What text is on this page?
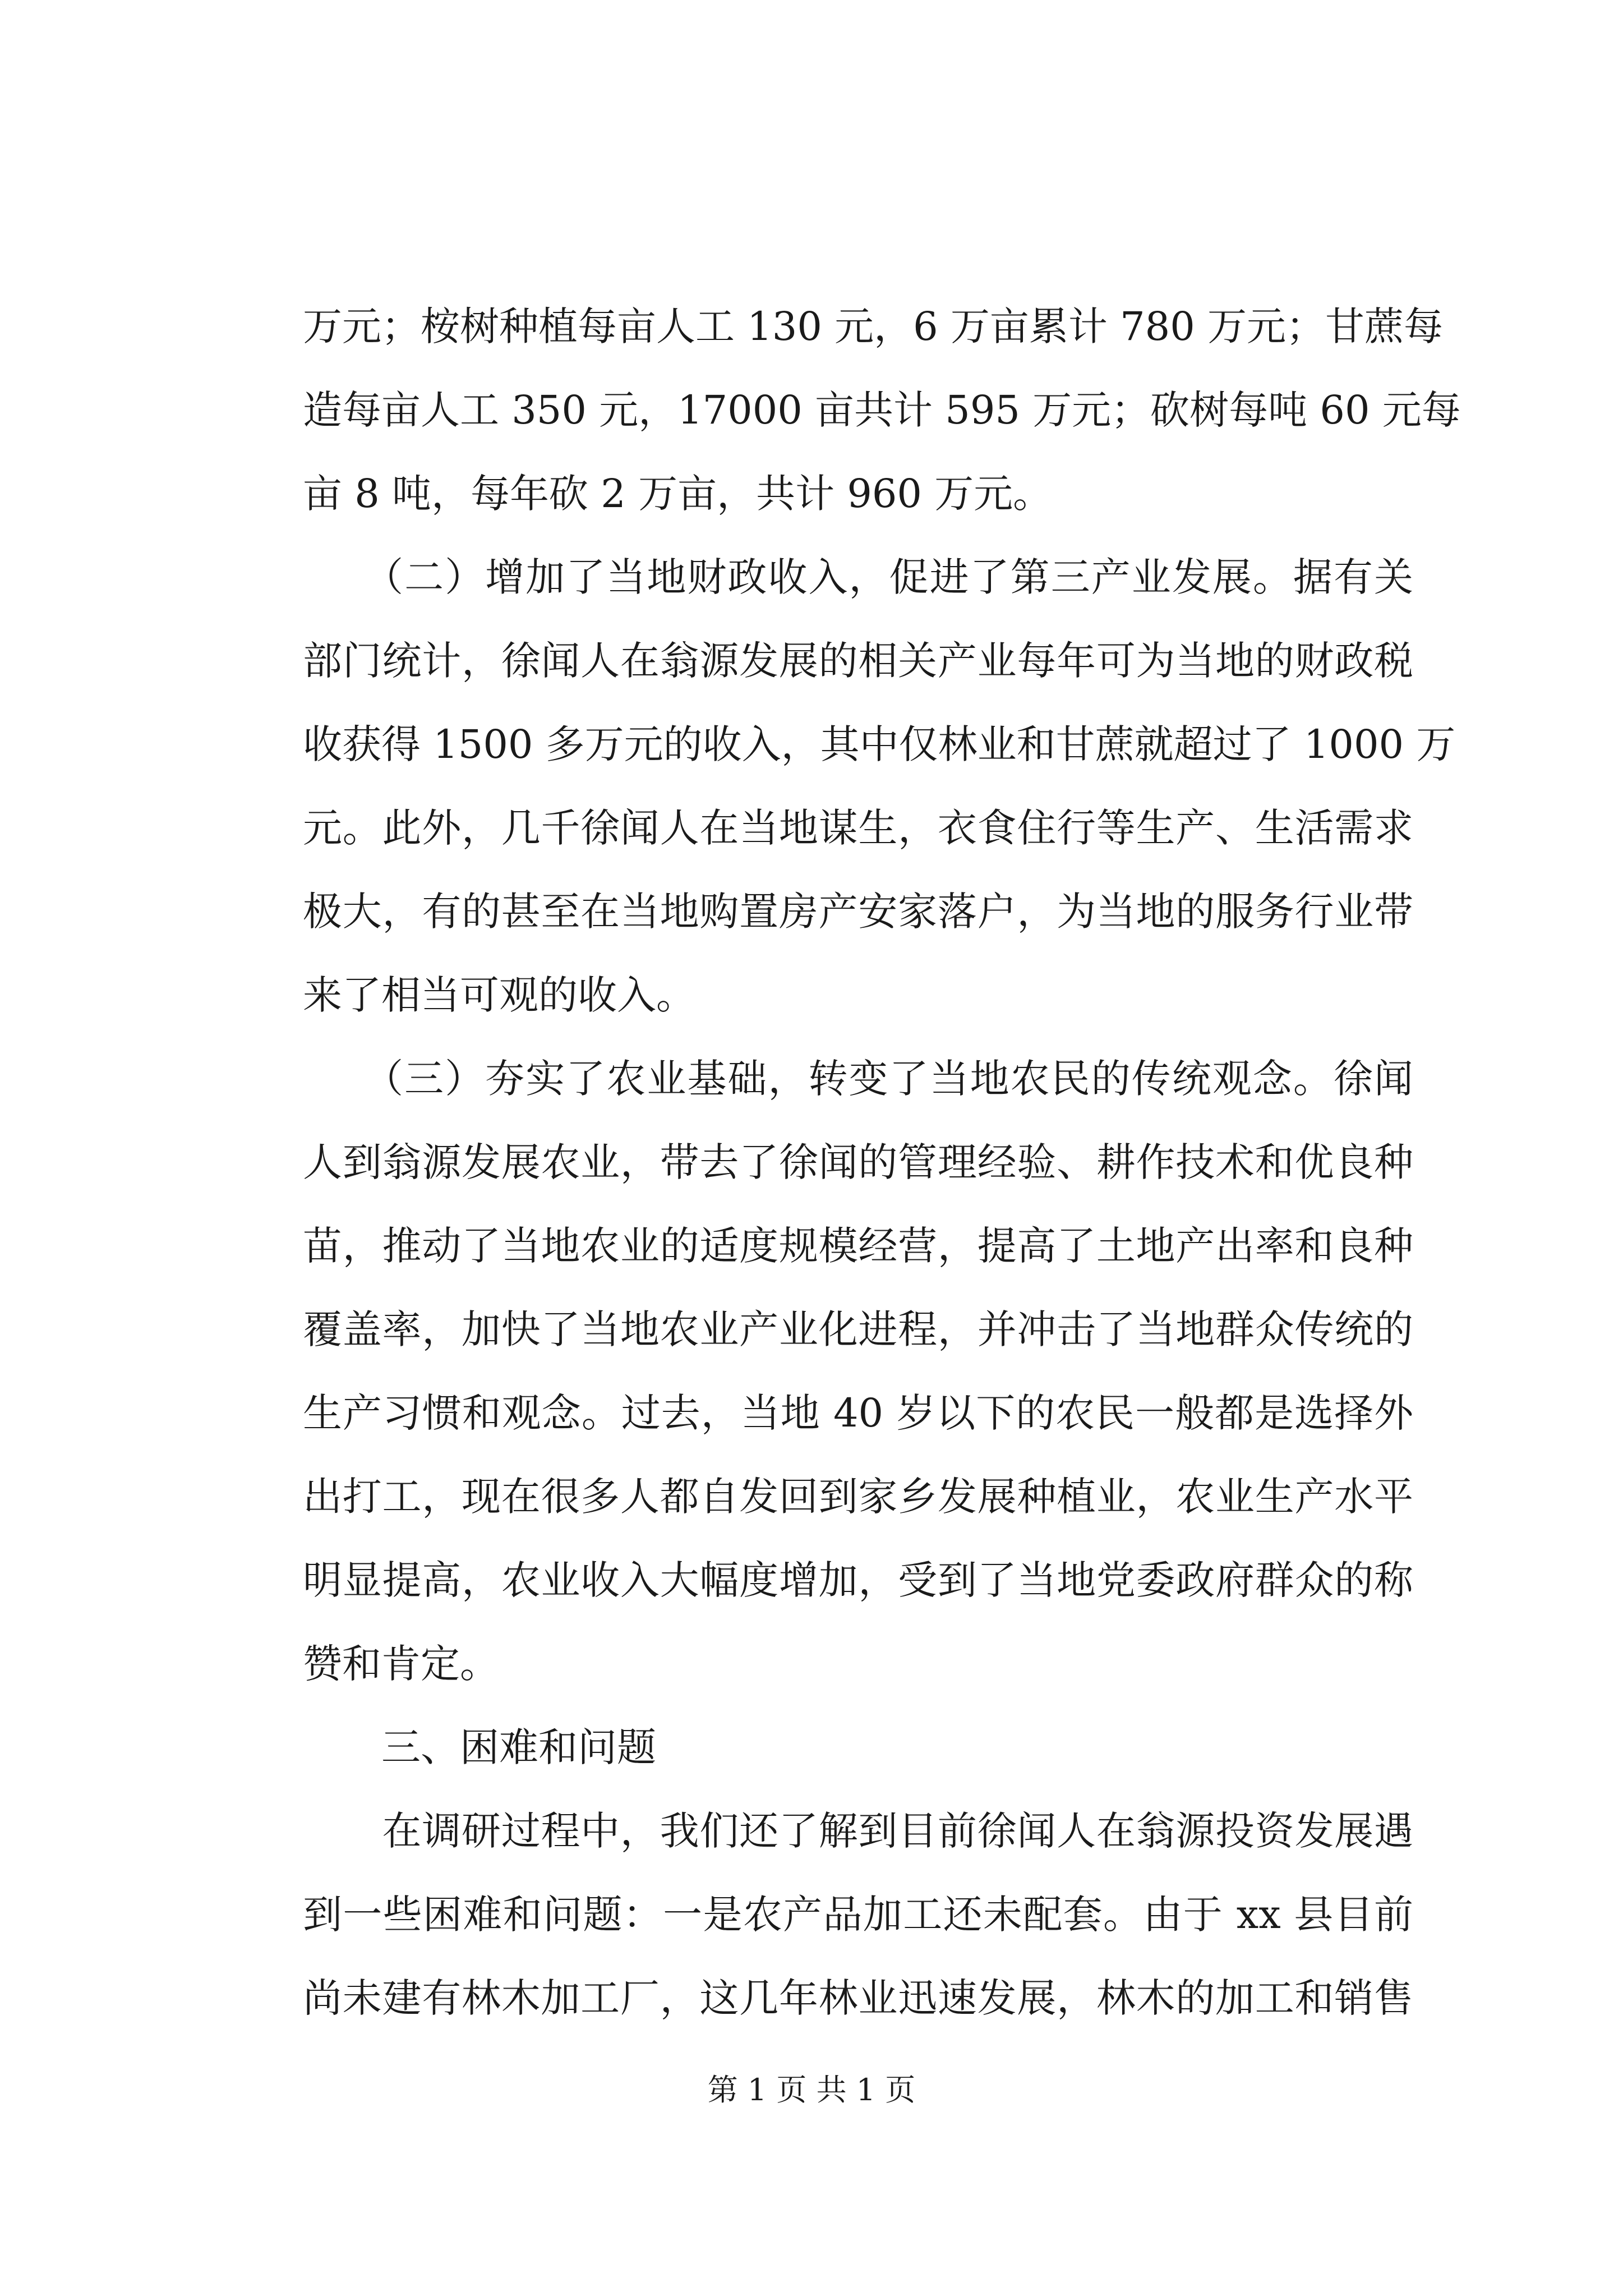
万元；桉树种植每亩人工 130 元，6 万亩累计 780 万元；甘蔗每
造每亩人工 350 元，17000 亩共计 595 万元；砍树每吨 60 元每
亩 8 吨，每年砍 2 万亩，共计 960 万元。
　　（二）增加了当地财政收入，促进了第三产业发展。据有关
部门统计，徐闻人在翁源发展的相关产业每年可为当地的财政税
收获得 1500 多万元的收入，其中仅林业和甘蔗就超过了 1000 万
元。此外，几千徐闻人在当地谋生，衣食住行等生产、生活需求
极大，有的甚至在当地购置房产安家落户，为当地的服务行业带
来了相当可观的收入。
　　（三）夯实了农业基础，转变了当地农民的传统观念。徐闻
人到翁源发展农业，带去了徐闻的管理经验、耕作技术和优良种
苗，推动了当地农业的适度规模经营，提高了土地产出率和良种
覆盖率，加快了当地农业产业化进程，并冲击了当地群众传统的
生产习惯和观念。过去，当地 40 岁以下的农民一般都是选择外
出打工，现在很多人都自发回到家乡发展种植业，农业生产水平
明显提高，农业收入大幅度增加，受到了当地党委政府群众的称
赞和肯定。
　　三、困难和问题
　　在调研过程中，我们还了解到目前徐闻人在翁源投资发展遇
到一些困难和问题：一是农产品加工还未配套。由于 xx 县目前
尚未建有林木加工厂，这几年林业迅速发展，林木的加工和销售
第 1 页 共 1 页
